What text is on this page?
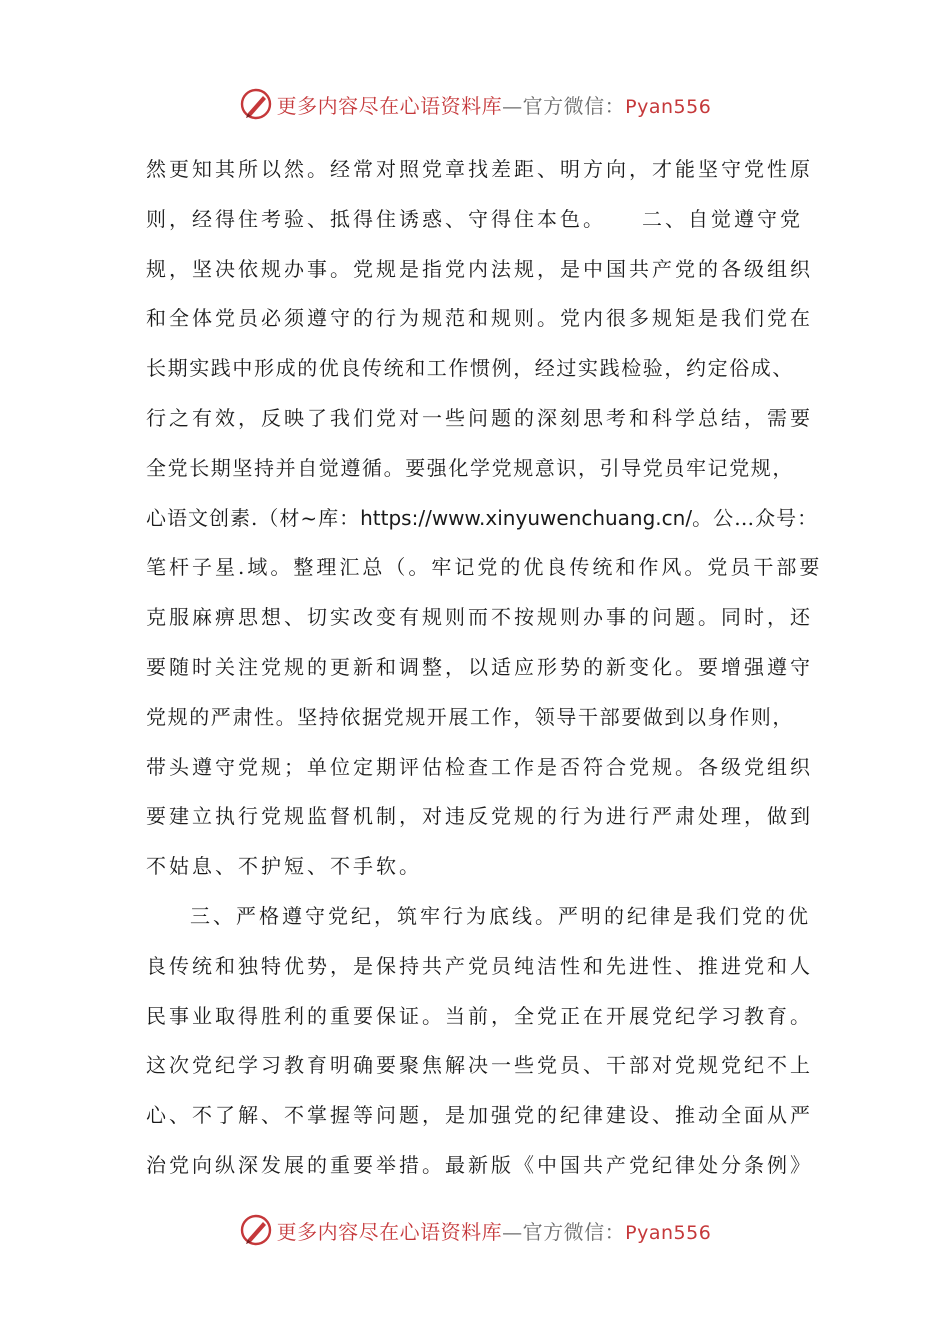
更多内容尽在心语资料库—官方微信：Pyan556
然更知其所以然。经常对照党章找差距、明方向，才能坚守党性原
则，经得住考验、抵得住诱惑、守得住本色。　　二、自觉遵守党
规，坚决依规办事。党规是指党内法规，是中国共产党的各级组织
和全体党员必须遵守的行为规范和规则。党内很多规矩是我们党在
长期实践中形成的优良传统和工作惯例，经过实践检验，约定俗成、
行之有效，反映了我们党对一些问题的深刻思考和科学总结，需要
全党长期坚持并自觉遵循。要强化学党规意识，引导党员牢记党规，
心语文创素.（材~库：https://www.xinyuwenchuang.cn/。公…众号：
笔杆子星.域。整理汇总（。牢记党的优良传统和作风。党员干部要
克服麻痹思想、切实改变有规则而不按规则办事的问题。同时，还
要随时关注党规的更新和调整，以适应形势的新变化。要增强遵守
党规的严肃性。坚持依据党规开展工作，领导干部要做到以身作则，
带头遵守党规；单位定期评估检查工作是否符合党规。各级党组织
要建立执行党规监督机制，对违反党规的行为进行严肃处理，做到
不姑息、不护短、不手软。
三、严格遵守党纪，筑牢行为底线。严明的纪律是我们党的优
良传统和独特优势，是保持共产党员纯洁性和先进性、推进党和人
民事业取得胜利的重要保证。当前，全党正在开展党纪学习教育。
这次党纪学习教育明确要聚焦解决一些党员、干部对党规党纪不上
心、不了解、不掌握等问题，是加强党的纪律建设、推动全面从严
治党向纵深发展的重要举措。最新版《中国共产党纪律处分条例》
更多内容尽在心语资料库—官方微信：Pyan556
